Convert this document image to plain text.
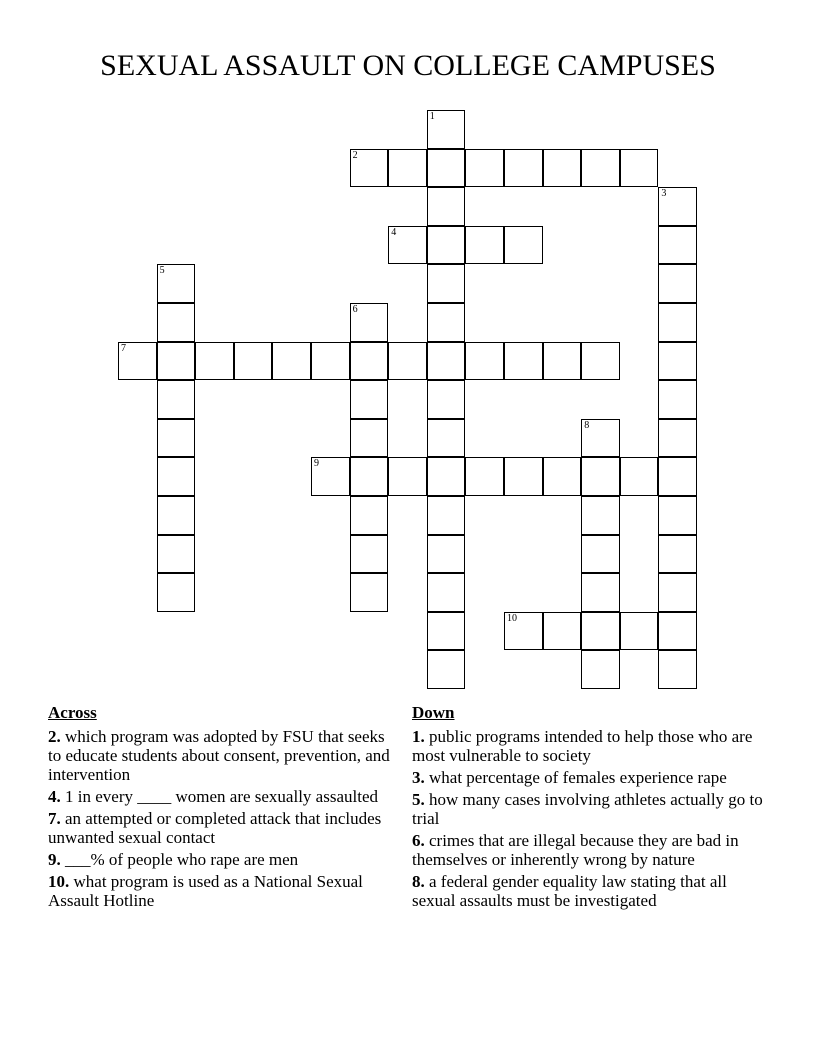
SEXUAL ASSAULT ON COLLEGE CAMPUSES
1
2
3
4
5
6
7
8
9
10
Across
2. which program was adopted by FSU that seeks to educate students about consent, prevention, and intervention
4. 1 in every ____ women are sexually assaulted
7. an attempted or completed attack that includes unwanted sexual contact
9. ___% of people who rape are men
10. what program is used as a National Sexual Assault Hotline
Down
1. public programs intended to help those who are most vulnerable to society
3. what percentage of females experience rape
5. how many cases involving athletes actually go to trial
6. crimes that are illegal because they are bad in themselves or inherently wrong by nature
8. a federal gender equality law stating that all sexual assaults must be investigated
